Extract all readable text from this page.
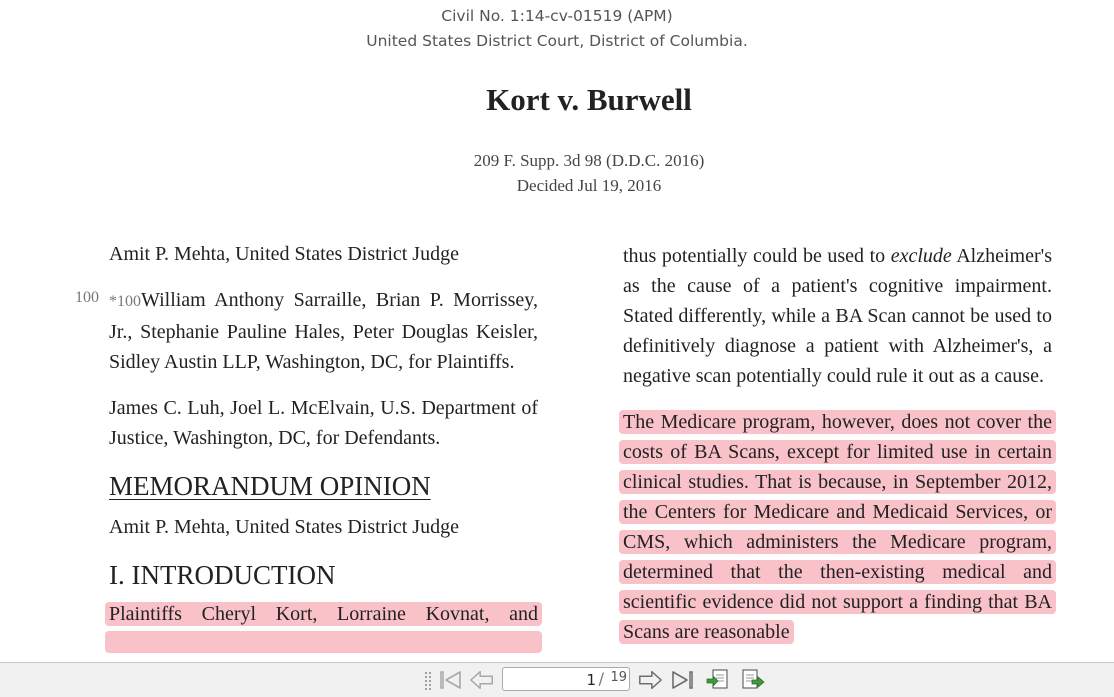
Civil No. 1:14-cv-01519 (APM)
United States District Court, District of Columbia.
Kort v. Burwell
209 F. Supp. 3d 98 (D.D.C. 2016)
Decided Jul 19, 2016
100

Amit P. Mehta, United States District Judge

*100William Anthony Sarraille, Brian P. Morrissey, Jr., Stephanie Pauline Hales, Peter Douglas Keisler, Sidley Austin LLP, Washington, DC, for Plaintiffs.

James C. Luh, Joel L. McElvain, U.S. Department of Justice, Washington, DC, for Defendants.

MEMORANDUM OPINION

Amit P. Mehta, United States District Judge

I. INTRODUCTION

Plaintiffs Cheryl Kort, Lorraine Kovnat, and

thus potentially could be used to exclude Alzheimer's as the cause of a patient's cognitive impairment. Stated differently, while a BA Scan cannot be used to definitively diagnose a patient with Alzheimer's, a negative scan potentially could rule it out as a cause.

The Medicare program, however, does not cover the costs of BA Scans, except for limited use in certain clinical studies. That is because, in September 2012, the Centers for Medicare and Medicaid Services, or CMS, which administers the Medicare program, determined that the then-existing medical and scientific evidence did not support a finding that BA Scans are reasonable

1 / 19
